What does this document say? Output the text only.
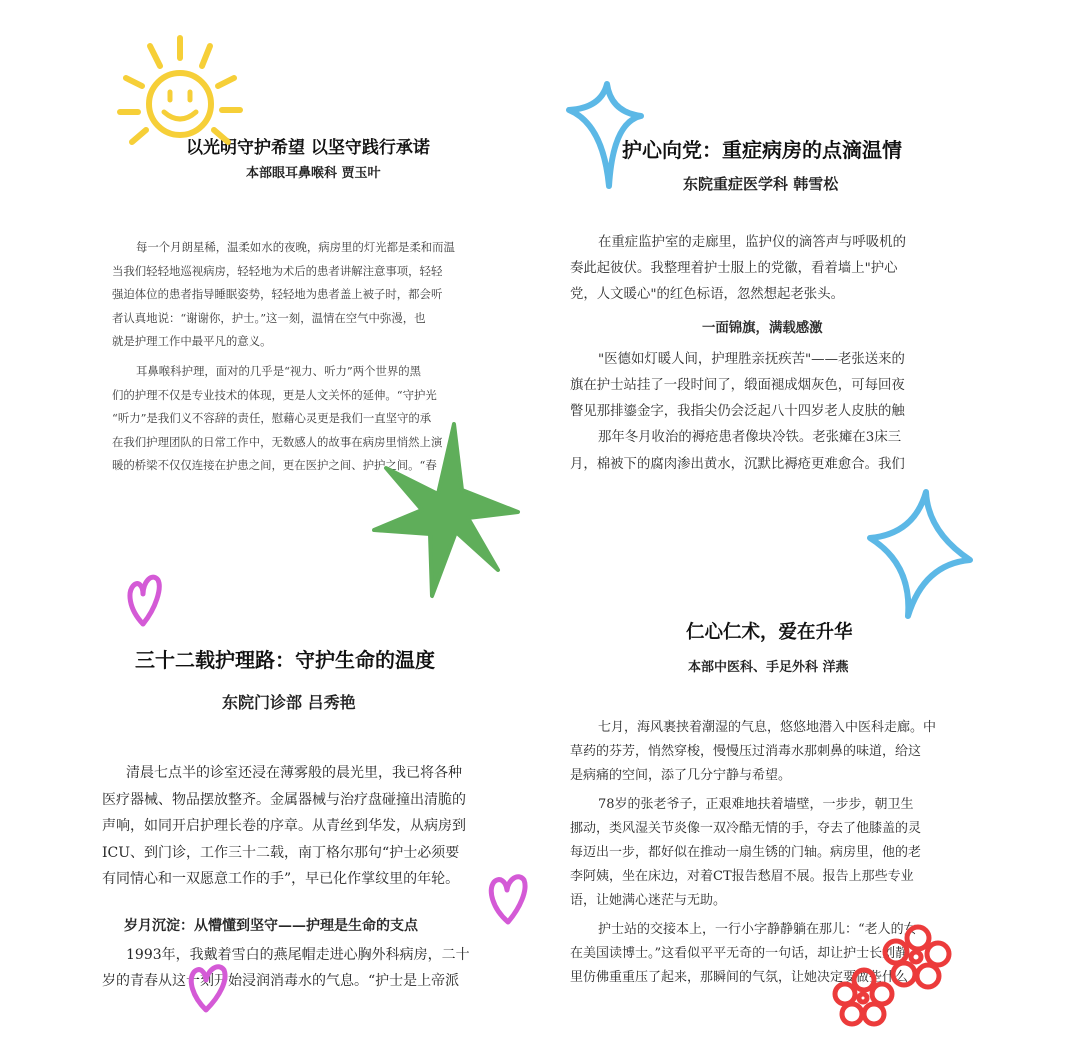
以光明守护希望 以坚守践行承诺
本部眼耳鼻喉科 贾玉叶
每一个月朗星稀，温柔如水的夜晚，病房里的灯光都是柔和而温
当我们轻轻地巡视病房，轻轻地为术后的患者讲解注意事项，轻轻
强迫体位的患者指导睡眠姿势，轻轻地为患者盖上被子时，都会听
者认真地说：“谢谢你，护士。”这一刻，温情在空气中弥漫，也
就是护理工作中最平凡的意义。
耳鼻喉科护理，面对的几乎是“视力、听力”两个世界的黑
们的护理不仅是专业技术的体现，更是人文关怀的延伸。“守护光
“听力”是我们义不容辞的责任，慰藉心灵更是我们一直坚守的承
在我们护理团队的日常工作中，无数感人的故事在病房里悄然上演
暖的桥梁不仅仅连接在护患之间，更在医护之间、护护之间。“春
护心向党：重症病房的点滴温情
东院重症医学科 韩雪松
在重症监护室的走廊里，监护仪的滴答声与呼吸机的
奏此起彼伏。我整理着护士服上的党徽，看着墙上"护心
党，人文暖心"的红色标语，忽然想起老张头。
一面锦旗，满载感激
"医德如灯暖人间，护理胜亲抚疾苦"——老张送来的
旗在护士站挂了一段时间了，缎面褪成烟灰色，可每回夜
瞥见那排鎏金字，我指尖仍会泛起八十四岁老人皮肤的触
那年冬月收治的褥疮患者像块冷铁。老张瘫在3床三
月，棉被下的腐肉渗出黄水，沉默比褥疮更难愈合。我们
三十二载护理路：守护生命的温度
东院门诊部 吕秀艳
清晨七点半的诊室还浸在薄雾般的晨光里，我已将各种
医疗器械、物品摆放整齐。金属器械与治疗盘碰撞出清脆的
声响，如同开启护理长卷的序章。从青丝到华发，从病房到
ICU、到门诊，工作三十二载，南丁格尔那句“护士必须要
有同情心和一双愿意工作的手”，早已化作掌纹里的年轮。
岁月沉淀：从懵懂到坚守——护理是生命的支点
1993年，我戴着雪白的燕尾帽走进心胸外科病房，二十
岁的青春从这一刻开始浸润消毒水的气息。“护士是上帝派
仁心仁术，爱在升华
本部中医科、手足外科 洋燕
七月，海风裹挟着潮湿的气息，悠悠地潜入中医科走廊。中
草药的芬芳，悄然穿梭，慢慢压过消毒水那刺鼻的味道，给这
是病痛的空间，添了几分宁静与希望。
78岁的张老爷子，正艰难地扶着墙壁，一步步，朝卫生
挪动，类风湿关节炎像一双冷酷无情的手，夺去了他膝盖的灵
每迈出一步，都好似在推动一扇生锈的门轴。病房里，他的老
李阿姨，坐在床边，对着CT报告愁眉不展。报告上那些专业
语，让她满心迷茫与无助。
护士站的交接本上，一行小字静静躺在那儿：“老人的女
在美国读博士。”这看似平平无奇的一句话，却让护士长刘静
里仿佛重重压了起来，那瞬间的气氛，让她决定要做些什么
